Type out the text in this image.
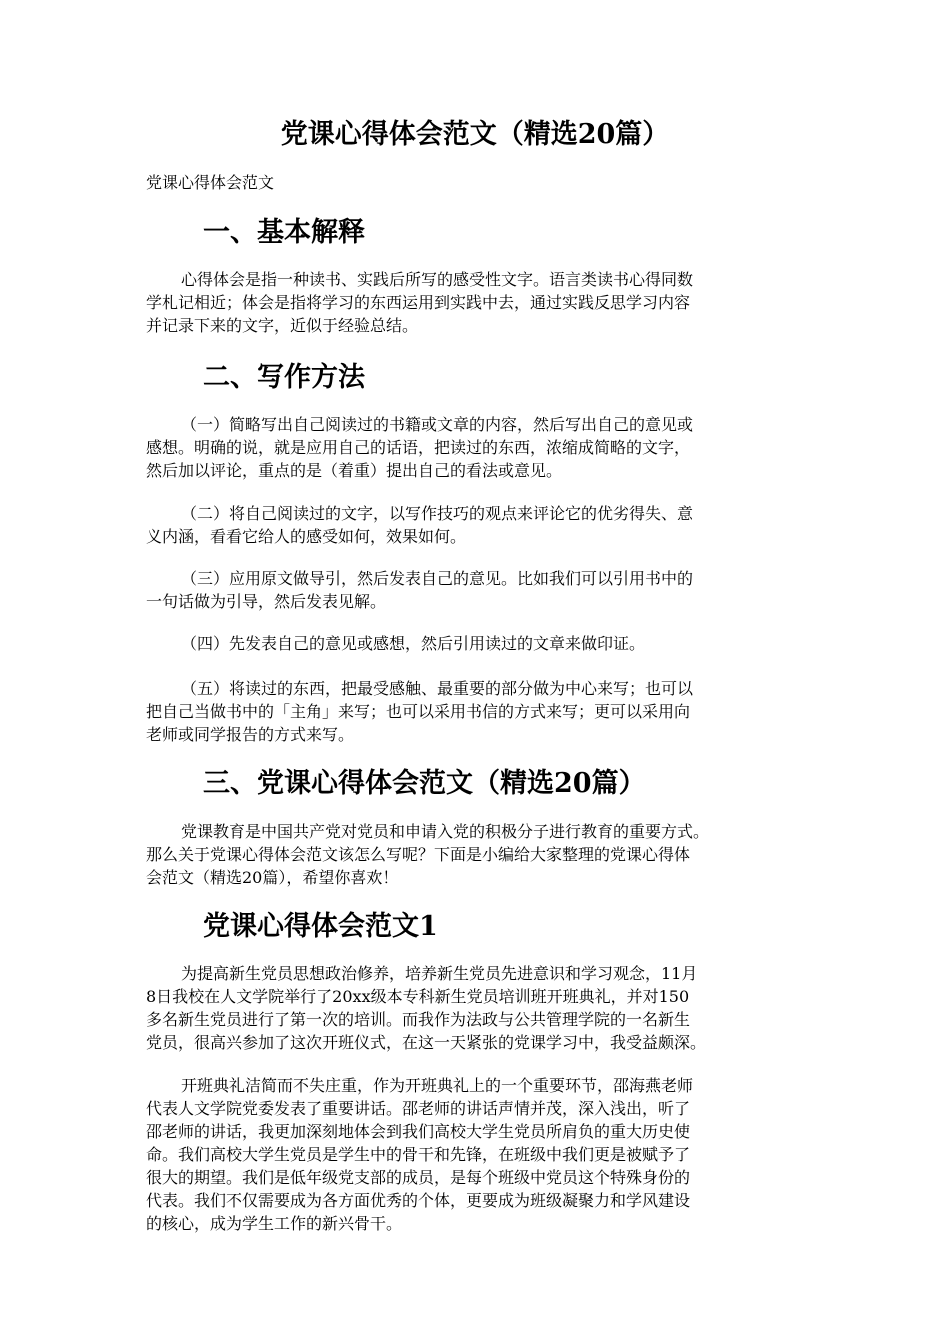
党课心得体会范文（精选20篇）

党课心得体会范文

一、基本解释
心得体会是指一种读书、实践后所写的感受性文字。语言类读书心得同数
学札记相近；体会是指将学习的东西运用到实践中去，通过实践反思学习内容
并记录下来的文字，近似于经验总结。
二、写作方法
（一）简略写出自己阅读过的书籍或文章的内容，然后写出自己的意见或
感想。明确的说，就是应用自己的话语，把读过的东西，浓缩成简略的文字，
然后加以评论，重点的是（着重）提出自己的看法或意见。
（二）将自己阅读过的文字，以写作技巧的观点来评论它的优劣得失、意
义内涵，看看它给人的感受如何，效果如何。
（三）应用原文做导引，然后发表自己的意见。比如我们可以引用书中的
一句话做为引导，然后发表见解。
（四）先发表自己的意见或感想，然后引用读过的文章来做印证。
（五）将读过的东西，把最受感触、最重要的部分做为中心来写；也可以
把自己当做书中的「主角」来写；也可以采用书信的方式来写；更可以采用向
老师或同学报告的方式来写。
三、党课心得体会范文（精选20篇）
党课教育是中国共产党对党员和申请入党的积极分子进行教育的重要方式。
那么关于党课心得体会范文该怎么写呢？下面是小编给大家整理的党课心得体
会范文（精选20篇），希望你喜欢！
党课心得体会范文1
为提高新生党员思想政治修养，培养新生党员先进意识和学习观念，11月
8日我校在人文学院举行了20xx级本专科新生党员培训班开班典礼，并对150
多名新生党员进行了第一次的培训。而我作为法政与公共管理学院的一名新生
党员，很高兴参加了这次开班仪式，在这一天紧张的党课学习中，我受益颇深。
开班典礼洁简而不失庄重，作为开班典礼上的一个重要环节，邵海燕老师
代表人文学院党委发表了重要讲话。邵老师的讲话声情并茂，深入浅出，听了
邵老师的讲话，我更加深刻地体会到我们高校大学生党员所肩负的重大历史使
命。我们高校大学生党员是学生中的骨干和先锋，在班级中我们更是被赋予了
很大的期望。我们是低年级党支部的成员，是每个班级中党员这个特殊身份的
代表。我们不仅需要成为各方面优秀的个体，更要成为班级凝聚力和学风建设
的核心，成为学生工作的新兴骨干。
